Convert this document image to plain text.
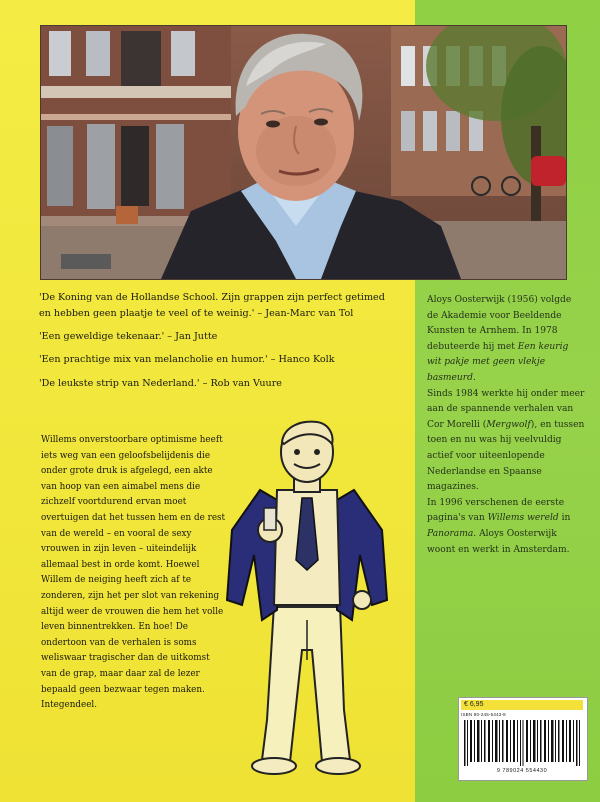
'De Koning van de Hollandse School. Zijn grappen zijn perfect getimed en hebben geen plaatje te veel of te weinig.' – Jean-Marc van Tol

'Een geweldige tekenaar.' – Jan Jutte

'Een prachtige mix van melancholie en humor.' – Hanco Kolk

'De leukste strip van Nederland.' – Rob van Vuure

Aloys Oosterwijk (1956) volgde de Akademie voor Beeldende Kunsten te Arnhem. In 1978 debuteerde hij met Een keurig wit pakje met geen vlekje basmeurd.

Sinds 1984 werkte hij onder meer aan de spannende verhalen van Cor Morelli (Mergwolf), en tussen toen en nu was hij veelvuldig actief voor uiteenlopende Nederlandse en Spaanse magazines.

In 1996 verschenen de eerste pagina's van Willems wereld in Panorama. Aloys Oosterwijk woont en werkt in Amsterdam.

Willems onverstoorbare optimisme heeft iets weg van een geloofsbelijdenis die onder grote druk is afgelegd, een akte van hoop van een aimabel mens die zichzelf voortdurend ervan moet overtuigen dat het tussen hem en de rest van de wereld – en vooral de sexy vrouwen in zijn leven – uiteindelijk allemaal best in orde komt. Hoewel Willem de neiging heeft zich af te zonderen, zijn het per slot van rekening altijd weer de vrouwen die hem het volle leven binnentrekken. En hoe! De ondertoon van de verhalen is soms weliswaar tragischer dan de uitkomst van de grap, maar daar zal de lezer bepaald geen bezwaar tegen maken. Integendeel.	€ 6,95
ISBN 90-245-5443-8
9 789024 554430
